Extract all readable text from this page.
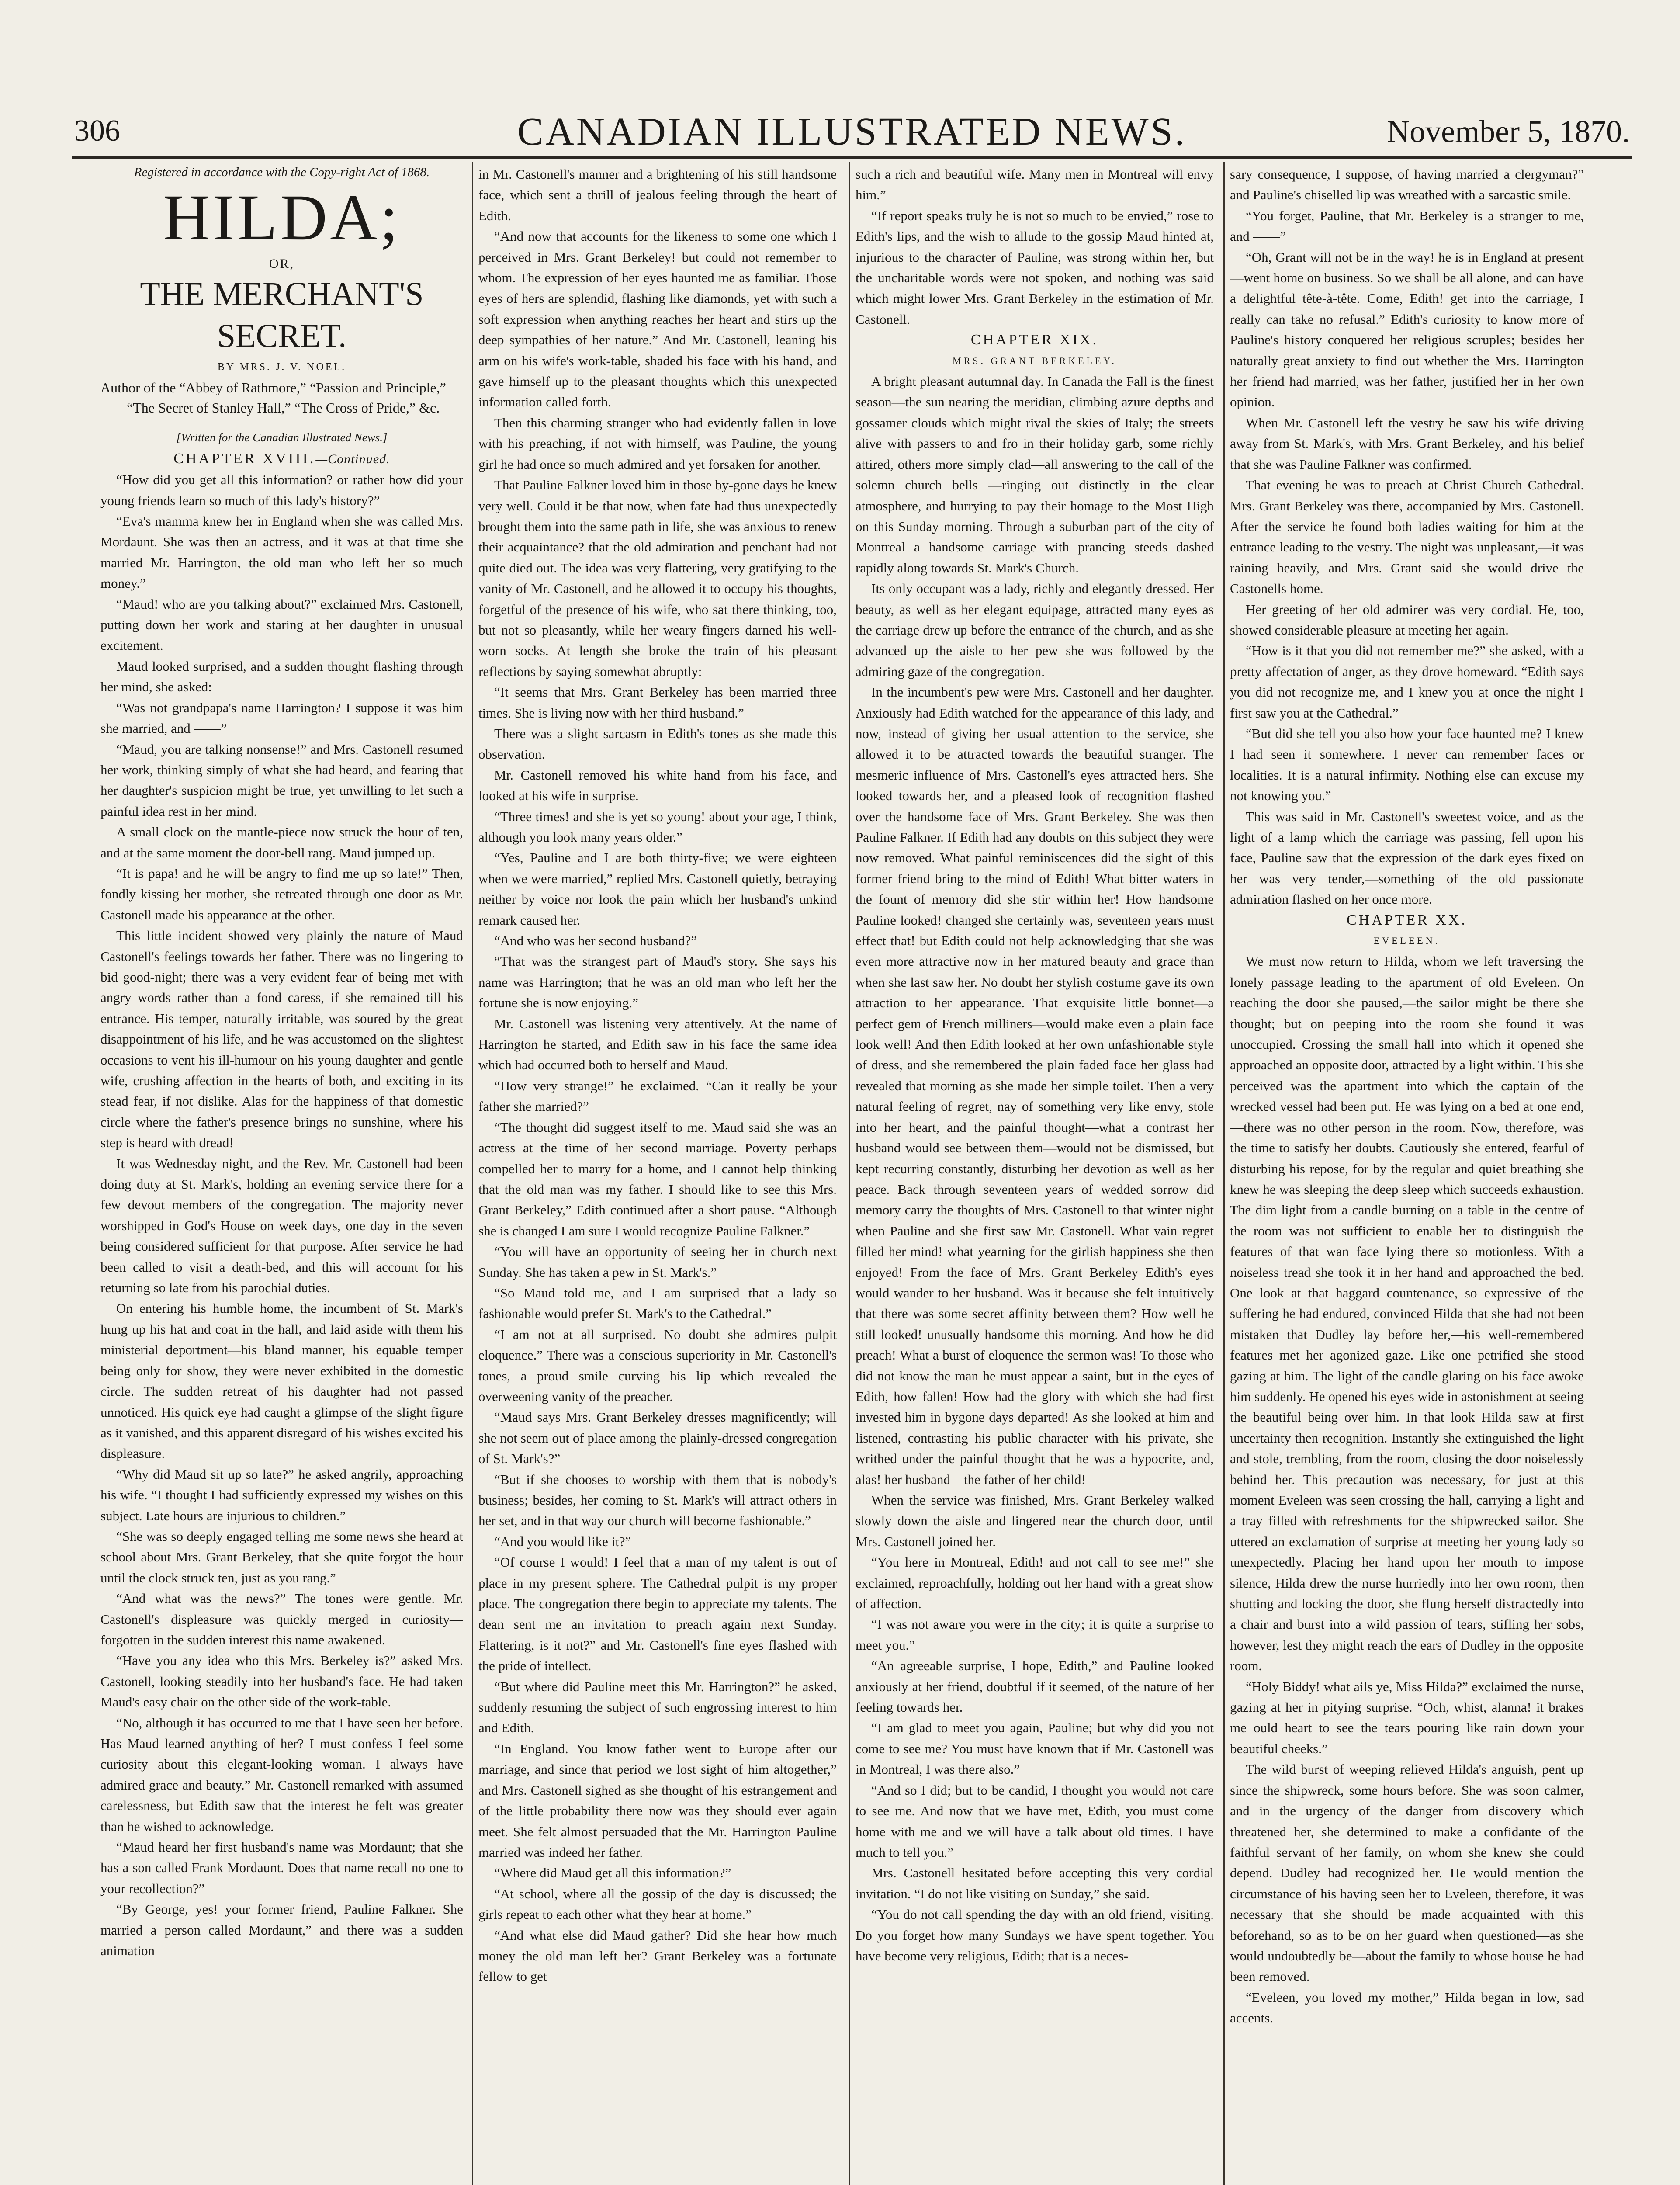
306	CANADIAN ILLUSTRATED NEWS.	November 5, 1870.

Registered in accordance with the Copy-right Act of 1868.

HILDA;

OR,

THE MERCHANT'S SECRET.

BY MRS. J. V. NOEL.

Author of the “Abbey of Rathmore,” “Passion and Principle,” “The Secret of Stanley Hall,” “The Cross of Pride,” &c.

[Written for the Canadian Illustrated News.]

CHAPTER XVIII.—Continued.

“How did you get all this information? or rather how did your young friends learn so much of this lady's history?”

“Eva's mamma knew her in England when she was called Mrs. Mordaunt. She was then an actress, and it was at that time she married Mr. Harrington, the old man who left her so much money.”

“Maud! who are you talking about?” exclaimed Mrs. Castonell, putting down her work and staring at her daughter in unusual excitement.

Maud looked surprised, and a sudden thought flashing through her mind, she asked:

“Was not grandpapa's name Harrington? I suppose it was him she married, and ——”

“Maud, you are talking nonsense!” and Mrs. Castonell resumed her work, thinking simply of what she had heard, and fearing that her daughter's suspicion might be true, yet unwilling to let such a painful idea rest in her mind.

A small clock on the mantle-piece now struck the hour of ten, and at the same moment the door-bell rang. Maud jumped up.

“It is papa! and he will be angry to find me up so late!” Then, fondly kissing her mother, she retreated through one door as Mr. Castonell made his appearance at the other.

This little incident showed very plainly the nature of Maud Castonell's feelings towards her father. There was no lingering to bid good-night; there was a very evident fear of being met with angry words rather than a fond caress, if she remained till his entrance. His temper, naturally irritable, was soured by the great disappointment of his life, and he was accustomed on the slightest occasions to vent his ill-humour on his young daughter and gentle wife, crushing affection in the hearts of both, and exciting in its stead fear, if not dislike. Alas for the happiness of that domestic circle where the father's presence brings no sunshine, where his step is heard with dread!

It was Wednesday night, and the Rev. Mr. Castonell had been doing duty at St. Mark's, holding an evening service there for a few devout members of the congregation. The majority never worshipped in God's House on week days, one day in the seven being considered sufficient for that purpose. After service he had been called to visit a death-bed, and this will account for his returning so late from his parochial duties.

On entering his humble home, the incumbent of St. Mark's hung up his hat and coat in the hall, and laid aside with them his ministerial deportment—his bland manner, his equable temper being only for show, they were never exhibited in the domestic circle. The sudden retreat of his daughter had not passed unnoticed. His quick eye had caught a glimpse of the slight figure as it vanished, and this apparent disregard of his wishes excited his displeasure.

“Why did Maud sit up so late?” he asked angrily, approaching his wife. “I thought I had sufficiently expressed my wishes on this subject. Late hours are injurious to children.”

“She was so deeply engaged telling me some news she heard at school about Mrs. Grant Berkeley, that she quite forgot the hour until the clock struck ten, just as you rang.”

“And what was the news?” The tones were gentle. Mr. Castonell's displeasure was quickly merged in curiosity—forgotten in the sudden interest this name awakened.

“Have you any idea who this Mrs. Berkeley is?” asked Mrs. Castonell, looking steadily into her husband's face. He had taken Maud's easy chair on the other side of the work-table.

“No, although it has occurred to me that I have seen her before. Has Maud learned anything of her? I must confess I feel some curiosity about this elegant-looking woman. I always have admired grace and beauty.” Mr. Castonell remarked with assumed carelessness, but Edith saw that the interest he felt was greater than he wished to acknowledge.

“Maud heard her first husband's name was Mordaunt; that she has a son called Frank Mordaunt. Does that name recall no one to your recollection?”

“By George, yes! your former friend, Pauline Falkner. She married a person called Mordaunt,” and there was a sudden animation

in Mr. Castonell's manner and a brightening of his still handsome face, which sent a thrill of jealous feeling through the heart of Edith.

“And now that accounts for the likeness to some one which I perceived in Mrs. Grant Berkeley! but could not remember to whom. The expression of her eyes haunted me as familiar. Those eyes of hers are splendid, flashing like diamonds, yet with such a soft expression when anything reaches her heart and stirs up the deep sympathies of her nature.” And Mr. Castonell, leaning his arm on his wife's work-table, shaded his face with his hand, and gave himself up to the pleasant thoughts which this unexpected information called forth.

Then this charming stranger who had evidently fallen in love with his preaching, if not with himself, was Pauline, the young girl he had once so much admired and yet forsaken for another.

That Pauline Falkner loved him in those by-gone days he knew very well. Could it be that now, when fate had thus unexpectedly brought them into the same path in life, she was anxious to renew their acquaintance? that the old admiration and penchant had not quite died out. The idea was very flattering, very gratifying to the vanity of Mr. Castonell, and he allowed it to occupy his thoughts, forgetful of the presence of his wife, who sat there thinking, too, but not so pleasantly, while her weary fingers darned his well-worn socks. At length she broke the train of his pleasant reflections by saying somewhat abruptly:

“It seems that Mrs. Grant Berkeley has been married three times. She is living now with her third husband.”

There was a slight sarcasm in Edith's tones as she made this observation.

Mr. Castonell removed his white hand from his face, and looked at his wife in surprise.

“Three times! and she is yet so young! about your age, I think, although you look many years older.”

“Yes, Pauline and I are both thirty-five; we were eighteen when we were married,” replied Mrs. Castonell quietly, betraying neither by voice nor look the pain which her husband's unkind remark caused her.

“And who was her second husband?”

“That was the strangest part of Maud's story. She says his name was Harrington; that he was an old man who left her the fortune she is now enjoying.”

Mr. Castonell was listening very attentively. At the name of Harrington he started, and Edith saw in his face the same idea which had occurred both to herself and Maud.

“How very strange!” he exclaimed. “Can it really be your father she married?”

“The thought did suggest itself to me. Maud said she was an actress at the time of her second marriage. Poverty perhaps compelled her to marry for a home, and I cannot help thinking that the old man was my father. I should like to see this Mrs. Grant Berkeley,” Edith continued after a short pause. “Although she is changed I am sure I would recognize Pauline Falkner.”

“You will have an opportunity of seeing her in church next Sunday. She has taken a pew in St. Mark's.”

“So Maud told me, and I am surprised that a lady so fashionable would prefer St. Mark's to the Cathedral.”

“I am not at all surprised. No doubt she admires pulpit eloquence.” There was a conscious superiority in Mr. Castonell's tones, a proud smile curving his lip which revealed the overweening vanity of the preacher.

“Maud says Mrs. Grant Berkeley dresses magnificently; will she not seem out of place among the plainly-dressed congregation of St. Mark's?”

“But if she chooses to worship with them that is nobody's business; besides, her coming to St. Mark's will attract others in her set, and in that way our church will become fashionable.”

“And you would like it?”

“Of course I would! I feel that a man of my talent is out of place in my present sphere. The Cathedral pulpit is my proper place. The congregation there begin to appreciate my talents. The dean sent me an invitation to preach again next Sunday. Flattering, is it not?” and Mr. Castonell's fine eyes flashed with the pride of intellect.

“But where did Pauline meet this Mr. Harrington?” he asked, suddenly resuming the subject of such engrossing interest to him and Edith.

“In England. You know father went to Europe after our marriage, and since that period we lost sight of him altogether,” and Mrs. Castonell sighed as she thought of his estrangement and of the little probability there now was they should ever again meet. She felt almost persuaded that the Mr. Harrington Pauline married was indeed her father.

“Where did Maud get all this information?”

“At school, where all the gossip of the day is discussed; the girls repeat to each other what they hear at home.”

“And what else did Maud gather? Did she hear how much money the old man left her? Grant Berkeley was a fortunate fellow to get

such a rich and beautiful wife. Many men in Montreal will envy him.”

“If report speaks truly he is not so much to be envied,” rose to Edith's lips, and the wish to allude to the gossip Maud hinted at, injurious to the character of Pauline, was strong within her, but the uncharitable words were not spoken, and nothing was said which might lower Mrs. Grant Berkeley in the estimation of Mr. Castonell.

CHAPTER XIX.

MRS. GRANT BERKELEY.

A bright pleasant autumnal day. In Canada the Fall is the finest season—the sun nearing the meridian, climbing azure depths and gossamer clouds which might rival the skies of Italy; the streets alive with passers to and fro in their holiday garb, some richly attired, others more simply clad—all answering to the call of the solemn church bells —ringing out distinctly in the clear atmosphere, and hurrying to pay their homage to the Most High on this Sunday morning. Through a suburban part of the city of Montreal a handsome carriage with prancing steeds dashed rapidly along towards St. Mark's Church.

Its only occupant was a lady, richly and elegantly dressed. Her beauty, as well as her elegant equipage, attracted many eyes as the carriage drew up before the entrance of the church, and as she advanced up the aisle to her pew she was followed by the admiring gaze of the congregation.

In the incumbent's pew were Mrs. Castonell and her daughter. Anxiously had Edith watched for the appearance of this lady, and now, instead of giving her usual attention to the service, she allowed it to be attracted towards the beautiful stranger. The mesmeric influence of Mrs. Castonell's eyes attracted hers. She looked towards her, and a pleased look of recognition flashed over the handsome face of Mrs. Grant Berkeley. She was then Pauline Falkner. If Edith had any doubts on this subject they were now removed. What painful reminiscences did the sight of this former friend bring to the mind of Edith! What bitter waters in the fount of memory did she stir within her! How handsome Pauline looked! changed she certainly was, seventeen years must effect that! but Edith could not help acknowledging that she was even more attractive now in her matured beauty and grace than when she last saw her. No doubt her stylish costume gave its own attraction to her appearance. That exquisite little bonnet—a perfect gem of French milliners—would make even a plain face look well! And then Edith looked at her own unfashionable style of dress, and she remembered the plain faded face her glass had revealed that morning as she made her simple toilet. Then a very natural feeling of regret, nay of something very like envy, stole into her heart, and the painful thought—what a contrast her husband would see between them—would not be dismissed, but kept recurring constantly, disturbing her devotion as well as her peace. Back through seventeen years of wedded sorrow did memory carry the thoughts of Mrs. Castonell to that winter night when Pauline and she first saw Mr. Castonell. What vain regret filled her mind! what yearning for the girlish happiness she then enjoyed! From the face of Mrs. Grant Berkeley Edith's eyes would wander to her husband. Was it because she felt intuitively that there was some secret affinity between them? How well he still looked! unusually handsome this morning. And how he did preach! What a burst of eloquence the sermon was! To those who did not know the man he must appear a saint, but in the eyes of Edith, how fallen! How had the glory with which she had first invested him in bygone days departed! As she looked at him and listened, contrasting his public character with his private, she writhed under the painful thought that he was a hypocrite, and, alas! her husband—the father of her child!

When the service was finished, Mrs. Grant Berkeley walked slowly down the aisle and lingered near the church door, until Mrs. Castonell joined her.

“You here in Montreal, Edith! and not call to see me!” she exclaimed, reproachfully, holding out her hand with a great show of affection.

“I was not aware you were in the city; it is quite a surprise to meet you.”

“An agreeable surprise, I hope, Edith,” and Pauline looked anxiously at her friend, doubtful if it seemed, of the nature of her feeling towards her.

“I am glad to meet you again, Pauline; but why did you not come to see me? You must have known that if Mr. Castonell was in Montreal, I was there also.”

“And so I did; but to be candid, I thought you would not care to see me. And now that we have met, Edith, you must come home with me and we will have a talk about old times. I have much to tell you.”

Mrs. Castonell hesitated before accepting this very cordial invitation. “I do not like visiting on Sunday,” she said.

“You do not call spending the day with an old friend, visiting. Do you forget how many Sundays we have spent together. You have become very religious, Edith; that is a neces-

sary consequence, I suppose, of having married a clergyman?” and Pauline's chiselled lip was wreathed with a sarcastic smile.

“You forget, Pauline, that Mr. Berkeley is a stranger to me, and ——”

“Oh, Grant will not be in the way! he is in England at present—went home on business. So we shall be all alone, and can have a delightful tête-à-tête. Come, Edith! get into the carriage, I really can take no refusal.” Edith's curiosity to know more of Pauline's history conquered her religious scruples; besides her naturally great anxiety to find out whether the Mrs. Harrington her friend had married, was her father, justified her in her own opinion.

When Mr. Castonell left the vestry he saw his wife driving away from St. Mark's, with Mrs. Grant Berkeley, and his belief that she was Pauline Falkner was confirmed.

That evening he was to preach at Christ Church Cathedral. Mrs. Grant Berkeley was there, accompanied by Mrs. Castonell. After the service he found both ladies waiting for him at the entrance leading to the vestry. The night was unpleasant,—it was raining heavily, and Mrs. Grant said she would drive the Castonells home.

Her greeting of her old admirer was very cordial. He, too, showed considerable pleasure at meeting her again.

“How is it that you did not remember me?” she asked, with a pretty affectation of anger, as they drove homeward. “Edith says you did not recognize me, and I knew you at once the night I first saw you at the Cathedral.”

“But did she tell you also how your face haunted me? I knew I had seen it somewhere. I never can remember faces or localities. It is a natural infirmity. Nothing else can excuse my not knowing you.”

This was said in Mr. Castonell's sweetest voice, and as the light of a lamp which the carriage was passing, fell upon his face, Pauline saw that the expression of the dark eyes fixed on her was very tender,—something of the old passionate admiration flashed on her once more.

CHAPTER XX.

EVELEEN.

We must now return to Hilda, whom we left traversing the lonely passage leading to the apartment of old Eveleen. On reaching the door she paused,—the sailor might be there she thought; but on peeping into the room she found it was unoccupied. Crossing the small hall into which it opened she approached an opposite door, attracted by a light within. This she perceived was the apartment into which the captain of the wrecked vessel had been put. He was lying on a bed at one end,—there was no other person in the room. Now, therefore, was the time to satisfy her doubts. Cautiously she entered, fearful of disturbing his repose, for by the regular and quiet breathing she knew he was sleeping the deep sleep which succeeds exhaustion. The dim light from a candle burning on a table in the centre of the room was not sufficient to enable her to distinguish the features of that wan face lying there so motionless. With a noiseless tread she took it in her hand and approached the bed. One look at that haggard countenance, so expressive of the suffering he had endured, convinced Hilda that she had not been mistaken that Dudley lay before her,—his well-remembered features met her agonized gaze. Like one petrified she stood gazing at him. The light of the candle glaring on his face awoke him suddenly. He opened his eyes wide in astonishment at seeing the beautiful being over him. In that look Hilda saw at first uncertainty then recognition. Instantly she extinguished the light and stole, trembling, from the room, closing the door noiselessly behind her. This precaution was necessary, for just at this moment Eveleen was seen crossing the hall, carrying a light and a tray filled with refreshments for the shipwrecked sailor. She uttered an exclamation of surprise at meeting her young lady so unexpectedly. Placing her hand upon her mouth to impose silence, Hilda drew the nurse hurriedly into her own room, then shutting and locking the door, she flung herself distractedly into a chair and burst into a wild passion of tears, stifling her sobs, however, lest they might reach the ears of Dudley in the opposite room.

“Holy Biddy! what ails ye, Miss Hilda?” exclaimed the nurse, gazing at her in pitying surprise. “Och, whist, alanna! it brakes me ould heart to see the tears pouring like rain down your beautiful cheeks.”

The wild burst of weeping relieved Hilda's anguish, pent up since the shipwreck, some hours before. She was soon calmer, and in the urgency of the danger from discovery which threatened her, she determined to make a confidante of the faithful servant of her family, on whom she knew she could depend. Dudley had recognized her. He would mention the circumstance of his having seen her to Eveleen, therefore, it was necessary that she should be made acquainted with this beforehand, so as to be on her guard when questioned—as she would undoubtedly be—about the family to whose house he had been removed.

“Eveleen, you loved my mother,” Hilda began in low, sad accents.
